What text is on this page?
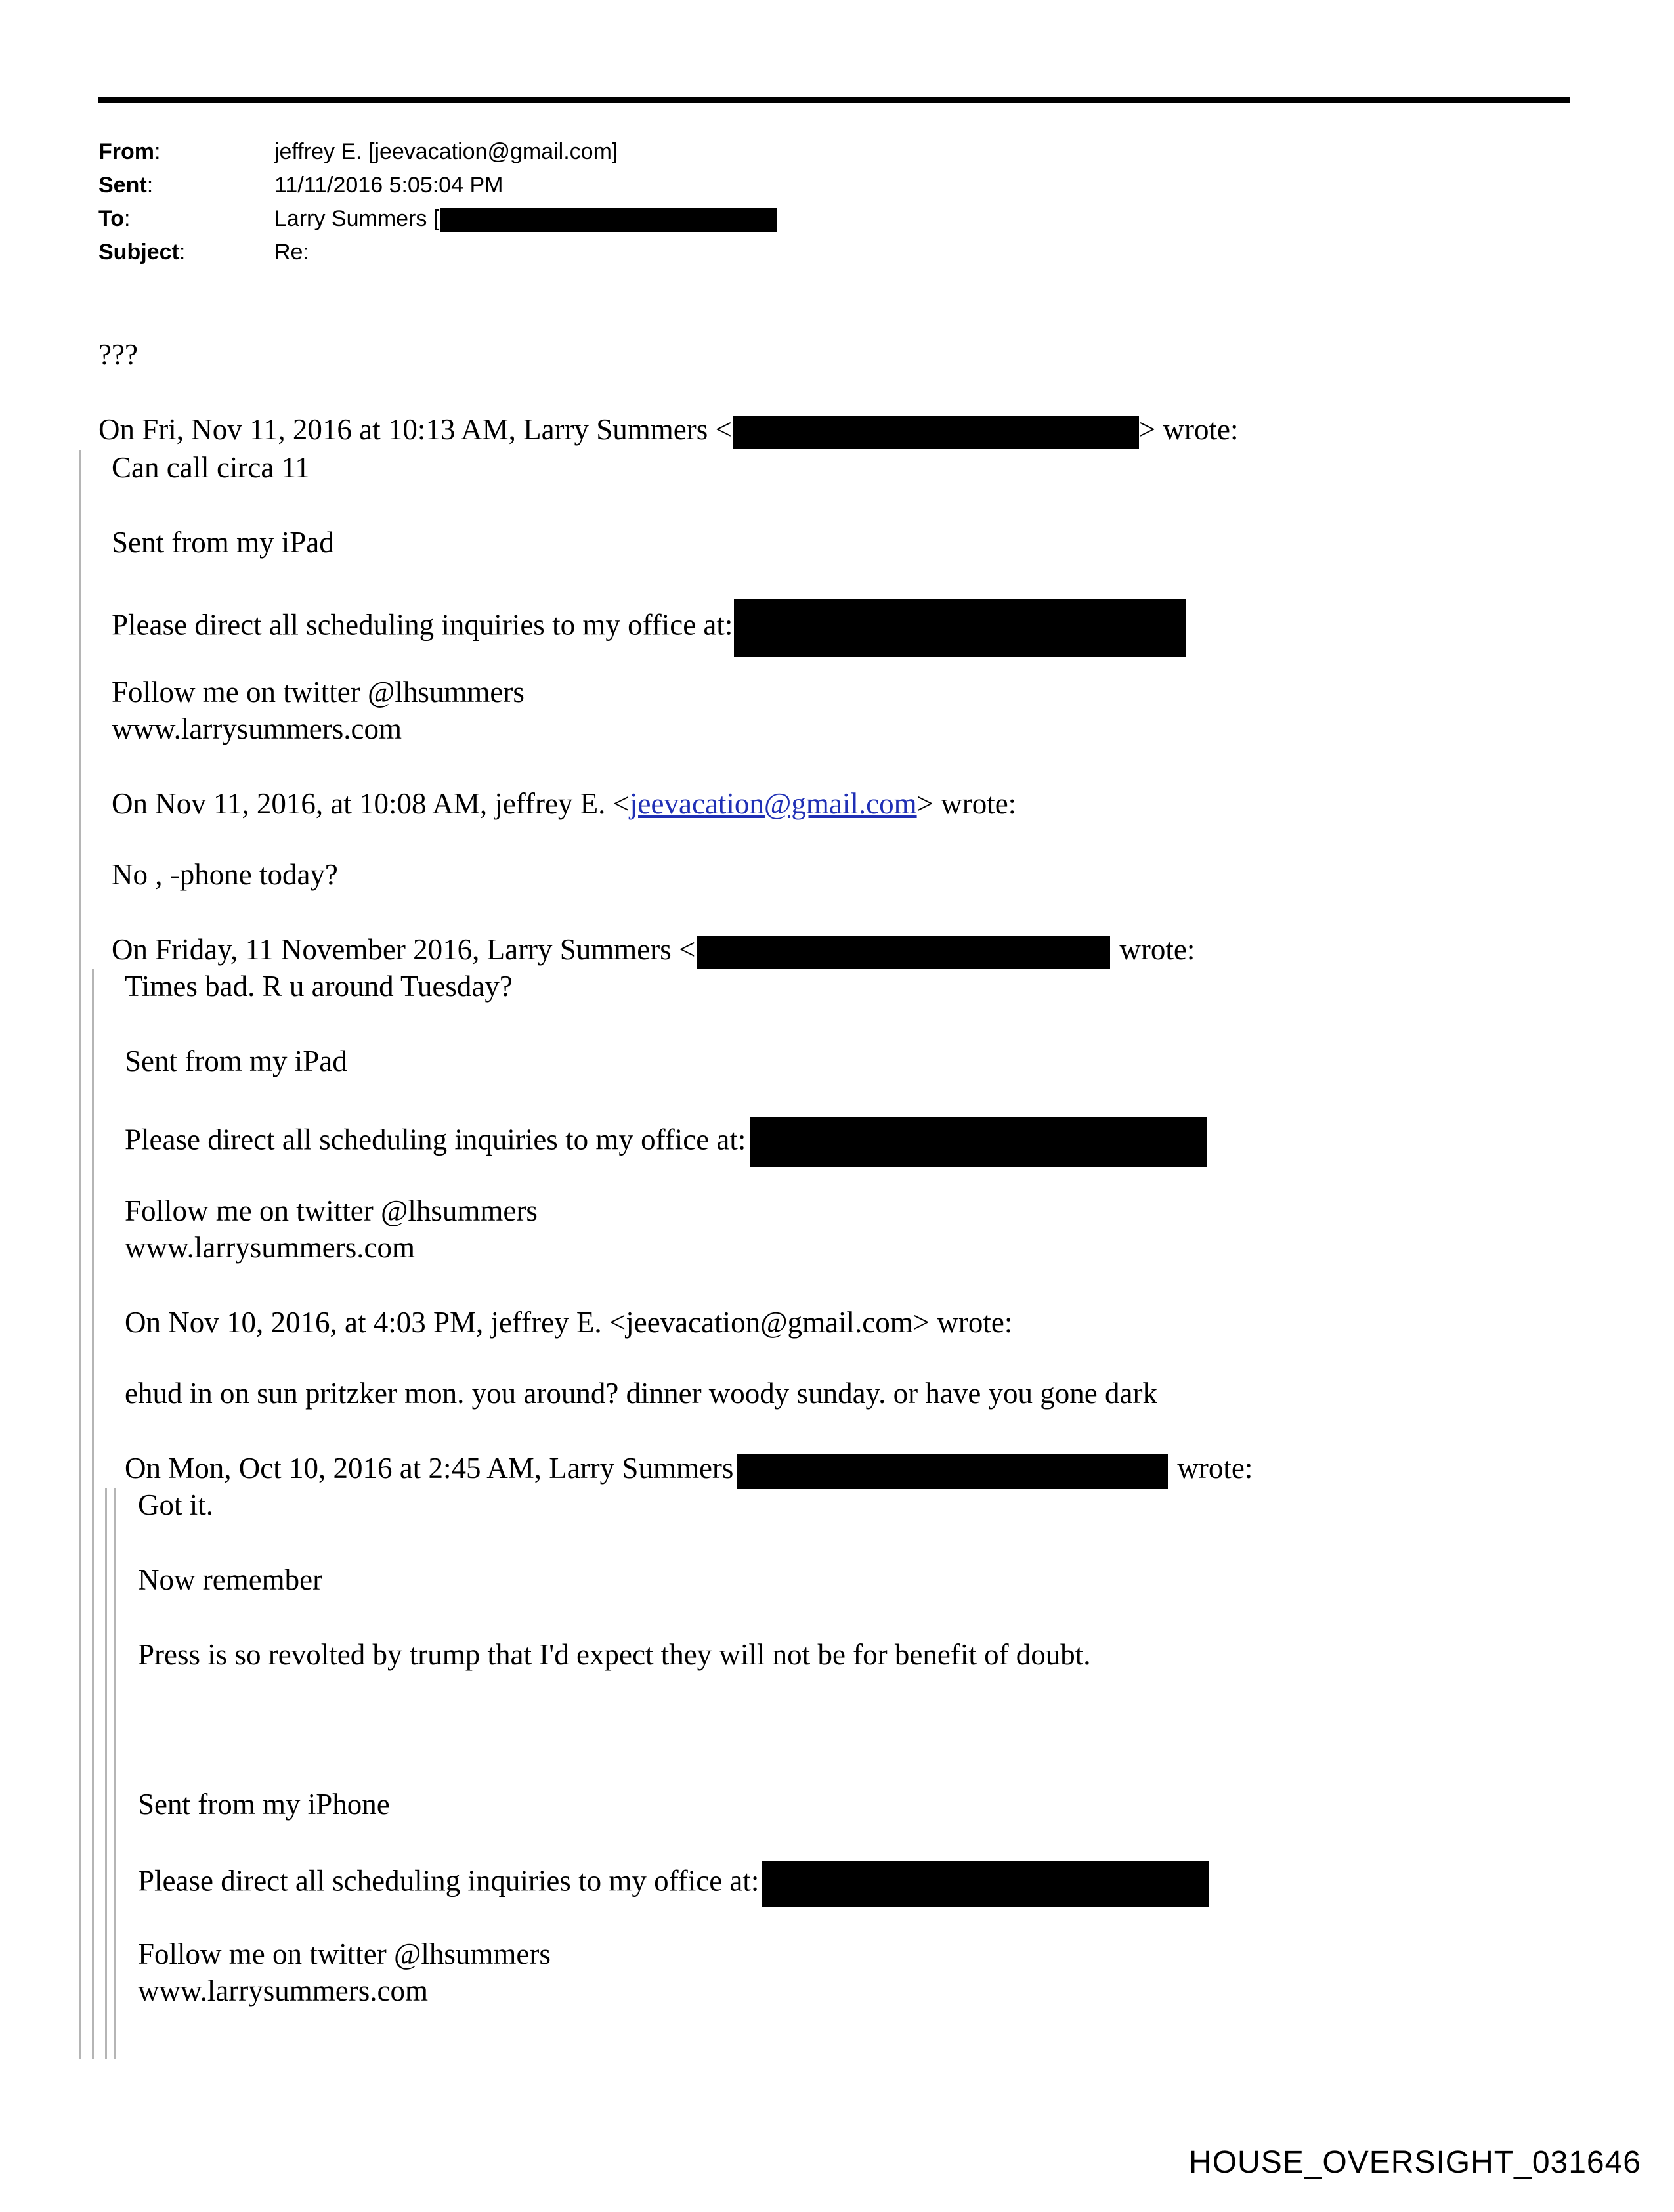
From:	jeffrey E. [jeevacation@gmail.com]
Sent:	11/11/2016 5:05:04 PM
To:	Larry Summers [
Subject:	Re:
???
On Fri, Nov 11, 2016 at 10:13 AM, Larry Summers <	> wrote:
Can call circa 11
Sent from my iPad
Please direct all scheduling inquiries to my office at:
Follow me on twitter @lhsummers
www.larrysummers.com
On Nov 11, 2016, at 10:08 AM, jeffrey E. <jeevacation@gmail.com> wrote:
No , -phone today?
On Friday, 11 November 2016, Larry Summers <	wrote:
Times bad. R u around Tuesday?
Sent from my iPad
Please direct all scheduling inquiries to my office at:
Follow me on twitter @lhsummers
www.larrysummers.com
On Nov 10, 2016, at 4:03 PM, jeffrey E. <jeevacation@gmail.com> wrote:
ehud in on sun pritzker mon. you around? dinner woody sunday. or have you gone dark
On Mon, Oct 10, 2016 at 2:45 AM, Larry Summers	wrote:
Got it.
Now remember
Press is so revolted by trump that I'd expect they will not be for benefit of doubt.
Sent from my iPhone
Please direct all scheduling inquiries to my office at:
Follow me on twitter @lhsummers
www.larrysummers.com
HOUSE_OVERSIGHT_031646
